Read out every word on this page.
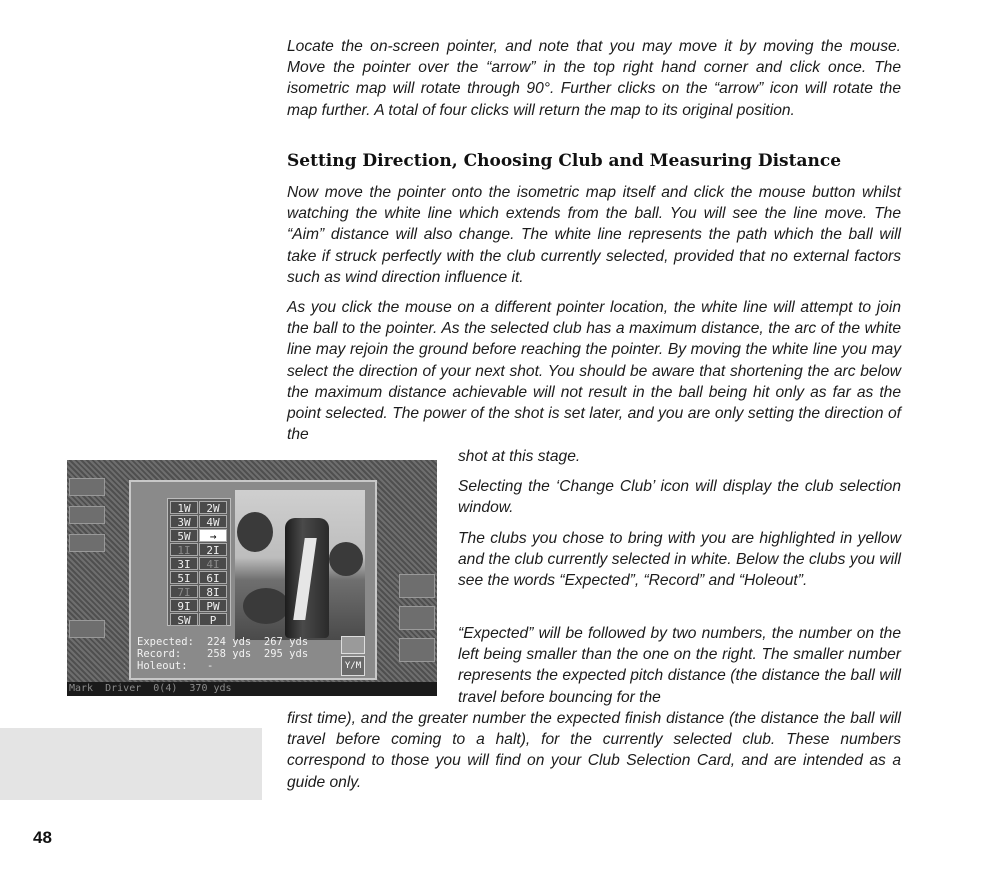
Locate the on-screen pointer, and note that you may move it by moving the mouse. Move the pointer over the “arrow” in the top right hand corner and click once. The isometric map will rotate through 90°. Further clicks on the “arrow” icon will rotate the map further. A total of four clicks will return the map to its original position.

Setting Direction, Choosing Club and Measuring Distance

Now move the pointer onto the isometric map itself and click the mouse button whilst watching the white line which extends from the ball. You will see the line move. The “Aim” distance will also change. The white line represents the path which the ball will take if struck perfectly with the club currently selected, provided that no external factors such as wind direction influence it.

As you click the mouse on a different pointer location, the white line will attempt to join the ball to the pointer. As the selected club has a maximum distance, the arc of the white line may rejoin the ground before reaching the pointer. By moving the white line you may select the direction of your next shot. You should be aware that shortening the arc below the maximum distance achievable will not result in the ball being hit only as far as the point selected. The power of the shot is set later, and you are only setting the direction of the

shot at this stage.

Selecting the ‘Change Club’ icon will display the club selection window.

The clubs you chose to bring with you are highlighted in yellow and the club currently selected in white. Below the clubs you will see the words “Expected”, “Record” and “Holeout”.

“Expected” will be followed by two numbers, the number on the left being smaller than the one on the right. The smaller number represents the expected pitch distance (the distance the ball will travel before bouncing for the

first time), and the greater number the expected finish distance (the distance the ball will travel before coming to a halt), for the currently selected club. These numbers correspond to those you will find on your Club Selection Card, and are intended as a guide only.

48
1W	2W
3W	4W
5W	→
1I	2I
3I	4I
5I	6I
7I	8I
9I	PW
SW	P
Expected: 224 yds  267 yds
Record: 258 yds  295 yds
Holeout: -	Y/M
Mark  Driver  0(4)  370 yds
